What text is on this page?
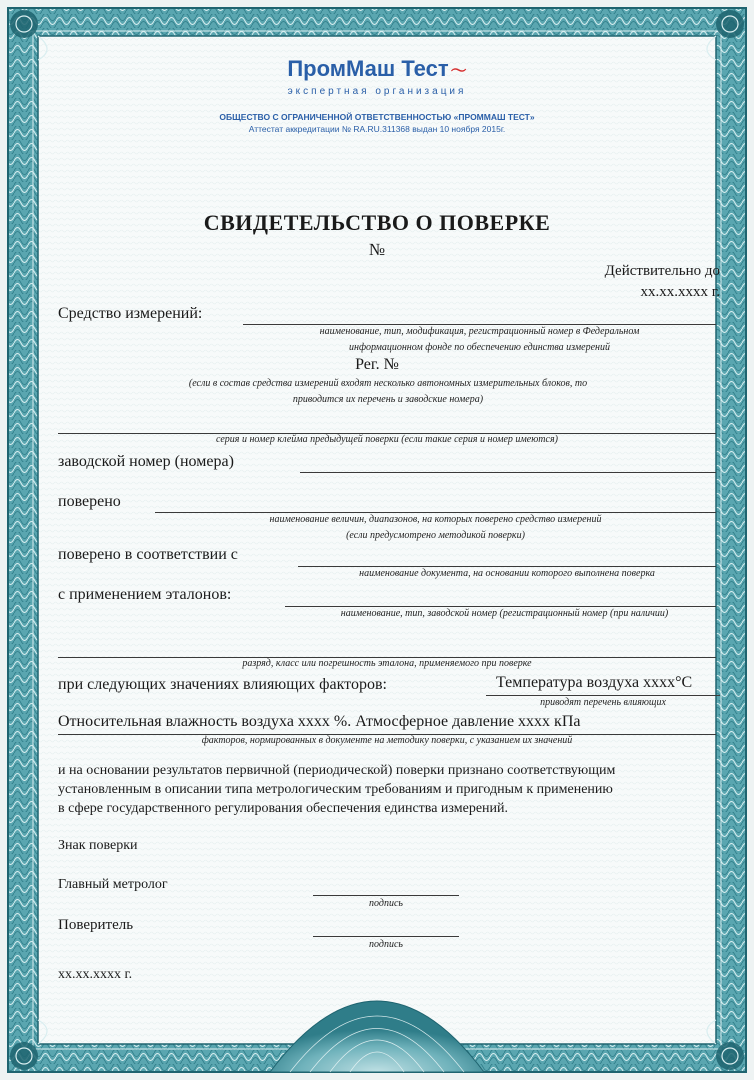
ПромМаш Тест 〜
экспертная организация
ОБЩЕСТВО С ОГРАНИЧЕННОЙ ОТВЕТСТВЕННОСТЬЮ «ПРОММАШ ТЕСТ»
Аттестат аккредитации № RA.RU.311368 выдан 10 ноября 2015г.
СВИДЕТЕЛЬСТВО О ПОВЕРКЕ
№
Действительно до
xx.xx.xxxx г.
Средство измерений:
наименование, тип, модификация, регистрационный номер в Федеральном
информационном фонде по обеспечению единства измерений
Рег. №
(если в состав средства измерений входят несколько автономных измерительных блоков, то
приводится их перечень и заводские номера)
серия и номер клейма предыдущей поверки (если такие серия и номер имеются)
заводской номер (номера)
поверено
наименование величин, диапазонов, на которых поверено средство измерений
(если предусмотрено методикой поверки)
поверено в соответствии с
наименование документа, на основании которого выполнена поверка
с применением эталонов:
наименование, тип, заводской номер (регистрационный номер (при наличии)
разряд, класс или погрешность эталона, применяемого при поверке
при следующих значениях влияющих факторов:	Температура воздуха xxxx°C
приводят перечень влияющих
Относительная влажность воздуха xxxx %. Атмосферное давление xxxx кПа
факторов, нормированных в документе на методику поверки, с указанием их значений
и на основании результатов первичной (периодической) поверки признано соответствующим
установленным в описании типа метрологическим требованиям и пригодным к применению
в сфере государственного регулирования обеспечения единства измерений.
Знак поверки
Главный метролог
подпись
Поверитель
подпись
xx.xx.xxxx г.
